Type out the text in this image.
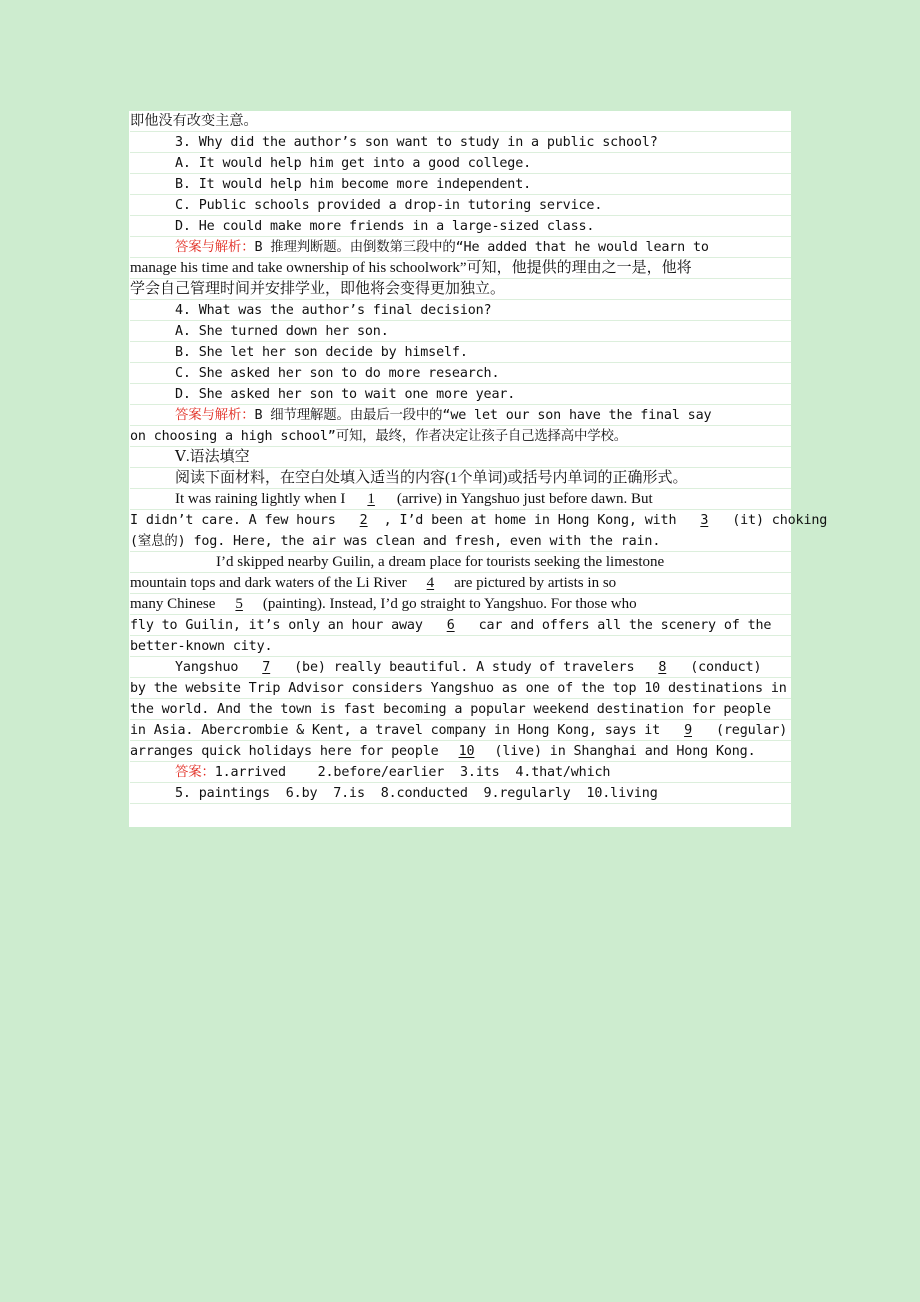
即他没有改变主意。
3. Why did the author’s son want to study in a public school?
A. It would help him get into a good college.
B. It would help him become more independent.
C. Public schools provided a drop-in tutoring service.
D. He could make more friends in a large-sized class.
答案与解析：B 推理判断题。由倒数第三段中的“He added that he would learn to
manage his time and take ownership of his schoolwork”可知，他提供的理由之一是，他将
学会自己管理时间并安排学业，即他将会变得更加独立。
4. What was the author’s final decision?
A. She turned down her son.
B. She let her son decide by himself.
C. She asked her son to do more research.
D. She asked her son to wait one more year.
答案与解析：B 细节理解题。由最后一段中的“we let our son have the final say
on choosing a high school”可知，最终，作者决定让孩子自己选择高中学校。
Ⅴ.语法填空
阅读下面材料，在空白处填入适当的内容(1个单词)或括号内单词的正确形式。
It was raining lightly when I 1 (arrive) in Yangshuo just before dawn. But
I didn’t care. A few hours 2 , I’d been at home in Hong Kong, with 3 (it) choking
(窒息的) fog. Here, the air was clean and fresh, even with the rain.
I’d skipped nearby Guilin, a dream place for tourists seeking the limestone
mountain tops and dark waters of the Li River 4 are pictured by artists in so
many Chinese 5 (painting). Instead, I’d go straight to Yangshuo. For those who
fly to Guilin, it’s only an hour away 6 car and offers all the scenery of the
better-known city.
Yangshuo 7 (be) really beautiful. A study of travelers 8 (conduct)
by the website Trip Advisor considers Yangshuo as one of the top 10 destinations in
the world. And the town is fast becoming a popular weekend destination for people
in Asia. Abercrombie & Kent, a travel company in Hong Kong, says it 9 (regular)
arranges quick holidays here for people 10 (live) in Shanghai and Hong Kong.
答案：1.arrived    2.before/earlier  3.its  4.that/which
5. paintings  6.by  7.is  8.conducted  9.regularly  10.living
